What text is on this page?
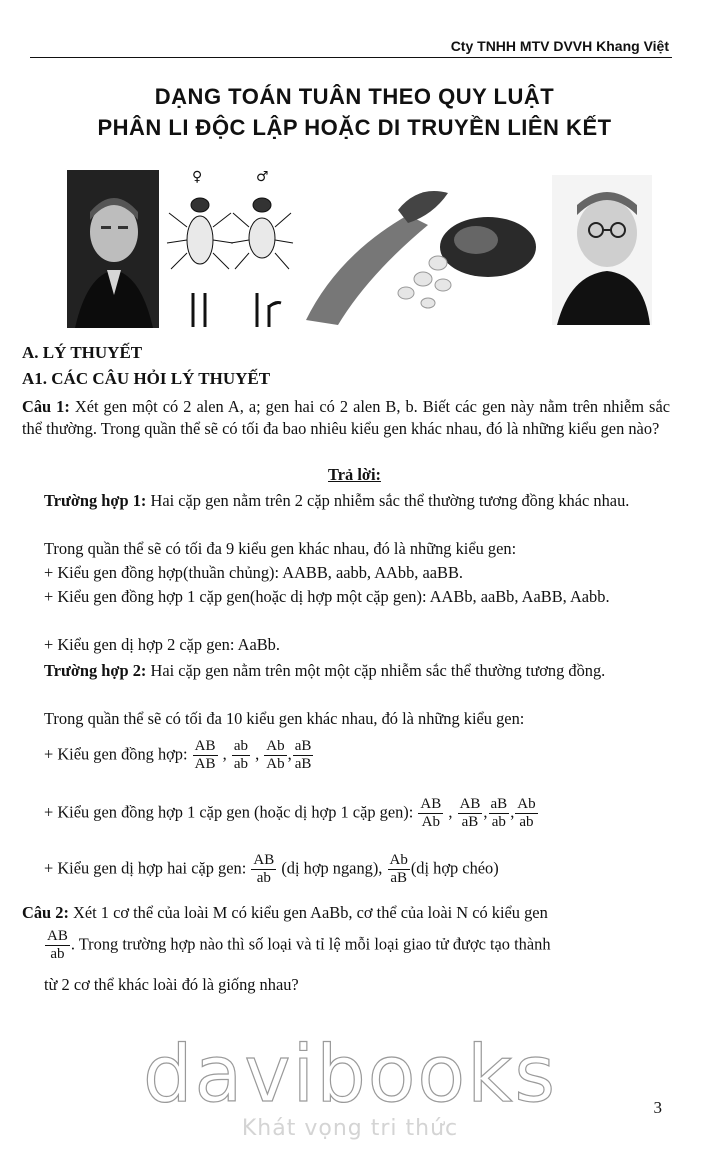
Cty TNHH MTV DVVH Khang Việt
DẠNG TOÁN TUÂN THEO QUY LUẬT
PHÂN LI ĐỘC LẬP HOẶC DI TRUYỀN LIÊN KẾT
♀	♂
A. LÝ THUYẾT
A1. CÁC CÂU HỎI LÝ THUYẾT
Câu 1: Xét gen một có 2 alen A, a; gen hai có 2 alen B, b. Biết các gen này nằm trên nhiễm sắc thể thường. Trong quần thể sẽ có tối đa bao nhiêu kiểu gen khác nhau, đó là những kiểu gen nào?
Trả lời:
Trường hợp 1: Hai cặp gen nằm trên 2 cặp nhiễm sắc thể thường tương đồng khác nhau.
Trong quần thể sẽ có tối đa 9 kiểu gen khác nhau, đó là những kiểu gen:
+ Kiểu gen đồng hợp(thuần chủng): AABB, aabb, AAbb, aaBB.
+ Kiểu gen đồng hợp 1 cặp gen(hoặc dị hợp một cặp gen): AABb, aaBb, AaBB, Aabb.
+ Kiểu gen dị hợp 2 cặp gen: AaBb.
Trường hợp 2: Hai cặp gen nằm trên một một cặp nhiễm sắc thể thường tương đồng.
Trong quần thể sẽ có tối đa 10 kiểu gen khác nhau, đó là những kiểu gen:
+ Kiểu gen đồng hợp: $\frac{AB}{AB}$ , $\frac{ab}{ab}$ , $\frac{Ab}{Ab}$ , $\frac{aB}{aB}$
+ Kiểu gen đồng hợp 1 cặp gen (hoặc dị hợp 1 cặp gen): $\frac{AB}{Ab}$ , $\frac{AB}{aB}$ , $\frac{aB}{ab}$ , $\frac{Ab}{ab}$
+ Kiểu gen dị hợp hai cặp gen: $\frac{AB}{ab}$ (dị hợp ngang), $\frac{Ab}{aB}$ (dị hợp chéo)
Câu 2: Xét 1 cơ thể của loài M có kiểu gen AaBb, cơ thể của loài N có kiểu gen
$\frac{AB}{ab}$ . Trong trường hợp nào thì số loại và tỉ lệ mỗi loại giao tử được tạo thành
từ 2 cơ thể khác loài đó là giống nhau?
davibooks
Khát vọng tri thức
3
